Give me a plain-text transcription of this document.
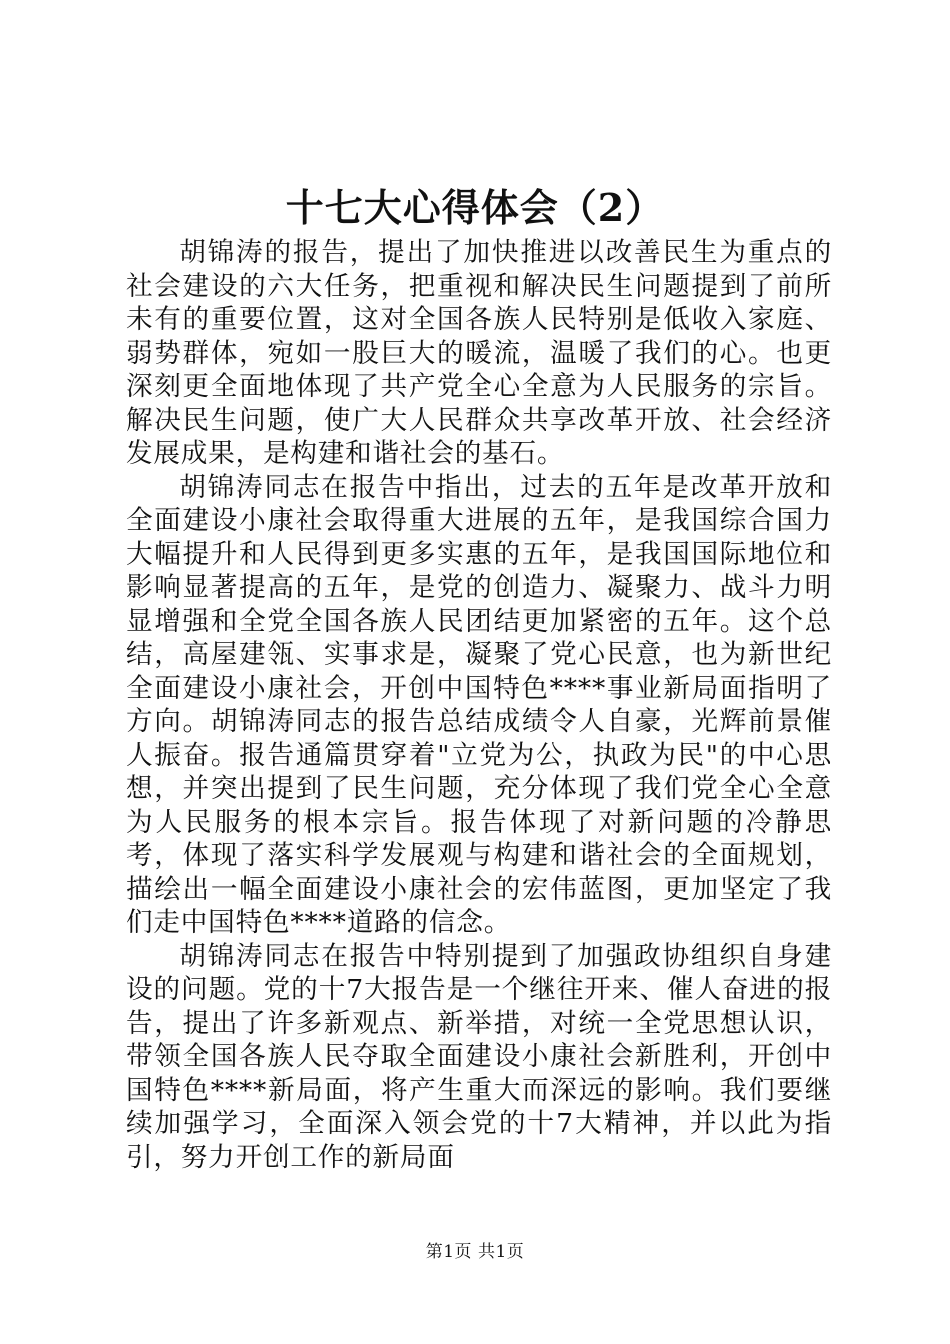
十七大心得体会（2）

胡锦涛的报告，提出了加快推进以改善民生为重点的社会建设的六大任务，把重视和解决民生问题提到了前所未有的重要位置，这对全国各族人民特别是低收入家庭、弱势群体，宛如一股巨大的暖流，温暖了我们的心。也更深刻更全面地体现了共产党全心全意为人民服务的宗旨。解决民生问题，使广大人民群众共享改革开放、社会经济发展成果，是构建和谐社会的基石。

胡锦涛同志在报告中指出，过去的五年是改革开放和全面建设小康社会取得重大进展的五年，是我国综合国力大幅提升和人民得到更多实惠的五年，是我国国际地位和影响显著提高的五年，是党的创造力、凝聚力、战斗力明显增强和全党全国各族人民团结更加紧密的五年。这个总结，高屋建瓴、实事求是，凝聚了党心民意，也为新世纪全面建设小康社会，开创中国特色****事业新局面指明了方向。胡锦涛同志的报告总结成绩令人自豪，光辉前景催人振奋。报告通篇贯穿着"立党为公，执政为民"的中心思想，并突出提到了民生问题，充分体现了我们党全心全意为人民服务的根本宗旨。报告体现了对新问题的冷静思考，体现了落实科学发展观与构建和谐社会的全面规划，描绘出一幅全面建设小康社会的宏伟蓝图，更加坚定了我们走中国特色****道路的信念。

胡锦涛同志在报告中特别提到了加强政协组织自身建设的问题。党的十7大报告是一个继往开来、催人奋进的报告，提出了许多新观点、新举措，对统一全党思想认识，带领全国各族人民夺取全面建设小康社会新胜利，开创中国特色****新局面，将产生重大而深远的影响。我们要继续加强学习，全面深入领会党的十7大精神，并以此为指引，努力开创工作的新局面

第1页 共1页
